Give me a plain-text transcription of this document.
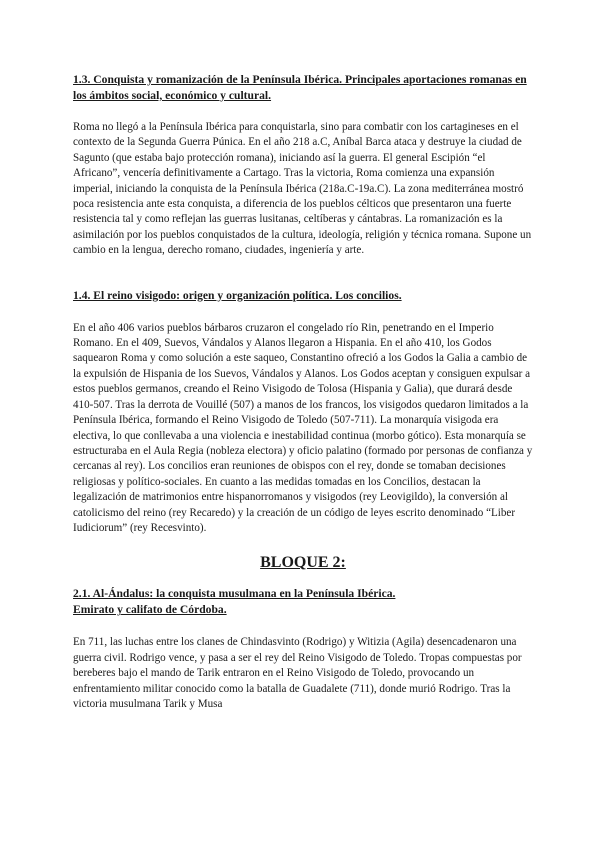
1.3. Conquista y romanización de la Península Ibérica. Principales aportaciones romanas en los ámbitos social, económico y cultural.

Roma no llegó a la Península Ibérica para conquistarla, sino para combatir con los cartagineses en el contexto de la Segunda Guerra Púnica. En el año 218 a.C, Aníbal Barca ataca y destruye la ciudad de Sagunto (que estaba bajo protección romana), iniciando así la guerra. El general Escipión “el Africano”, vencería definitivamente a Cartago. Tras la victoria, Roma comienza una expansión imperial, iniciando la conquista de la Península Ibérica (218a.C-19a.C). La zona mediterránea mostró poca resistencia ante esta conquista, a diferencia de los pueblos célticos que presentaron una fuerte resistencia tal y como reflejan las guerras lusitanas, celtíberas y cántabras. La romanización es la asimilación por los pueblos conquistados de la cultura, ideología, religión y técnica romana. Supone un cambio en la lengua, derecho romano, ciudades, ingeniería y arte.

1.4. El reino visigodo: origen y organización política. Los concilios.

En el año 406 varios pueblos bárbaros cruzaron el congelado río Rin, penetrando en el Imperio Romano. En el 409, Suevos, Vándalos y Alanos llegaron a Hispania. En el año 410, los Godos saquearon Roma y como solución a este saqueo, Constantino ofreció a los Godos la Galia a cambio de la expulsión de Hispania de los Suevos, Vándalos y Alanos. Los Godos aceptan y consiguen expulsar a estos pueblos germanos, creando el Reino Visigodo de Tolosa (Hispania y Galia), que durará desde 410-507. Tras la derrota de Vouillé (507) a manos de los francos, los visigodos quedaron limitados a la Península Ibérica, formando el Reino Visigodo de Toledo (507-711). La monarquía visigoda era electiva, lo que conllevaba a una violencia e inestabilidad continua (morbo gótico). Esta monarquía se estructuraba en el Aula Regia (nobleza electora) y oficio palatino (formado por personas de confianza y cercanas al rey). Los concilios eran reuniones de obispos con el rey, donde se tomaban decisiones religiosas y político-sociales. En cuanto a las medidas tomadas en los Concilios, destacan la legalización de matrimonios entre hispanorromanos y visigodos (rey Leovigildo), la conversión al catolicismo del reino (rey Recaredo) y la creación de un código de leyes escrito denominado “Liber Iudiciorum” (rey Recesvinto).

BLOQUE 2:
2.1. Al-Ándalus: la conquista musulmana en la Península Ibérica.
Emirato y califato de Córdoba.

En 711, las luchas entre los clanes de Chindasvinto (Rodrigo) y Witizia (Agila) desencadenaron una guerra civil. Rodrigo vence, y pasa a ser el rey del Reino Visigodo de Toledo. Tropas compuestas por bereberes bajo el mando de Tarik entraron en el Reino Visigodo de Toledo, provocando un enfrentamiento militar conocido como la batalla de Guadalete (711), donde murió Rodrigo. Tras la victoria musulmana Tarik y Musa
